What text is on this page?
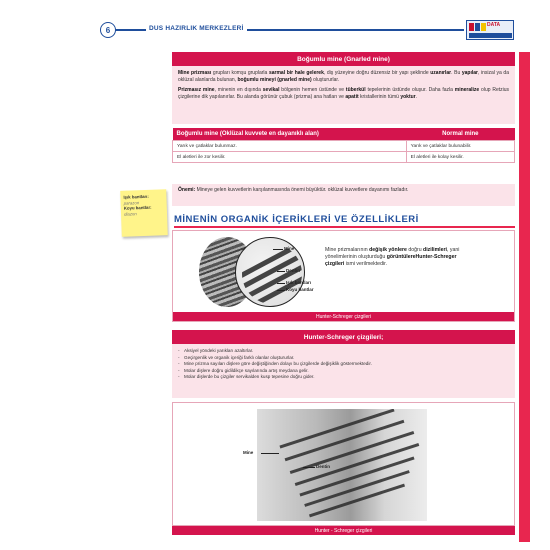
6	DUS HAZIRLIK MERKEZLERİ	DATA
Boğumlu mine (Gnarled mine)

Mine prizması grupları komşu gruplarla sarmal bir hale gelerek, diş yüzeyine doğru düzensiz bir yapı şeklinde uzanırlar. Bu yapılar, insizal ya da oklüzal alanlarda bulunan, boğumlu mineyi (gnarled mine) oluştururlar.

Prizmasız mine, minenin en dışında sevikal bölgenin hemen üstünde ve tüberkül tepelerinin üstünde oluşur. Daha fazla mineralize olup Retzius çizgilerine dik yapılanırlar. Bu alanda görünür çubuk (prizma) ana hatları ve apatit kristallerinin tümü yoktur.

Boğumlu mine (Oklüzal kuvvete en dayanıklı alan)	Normal mine
Yarık ve çatlaklar bulunmaz.	Yarık ve çatlaklar bulunabilir.
El aletleri ile zor kesilir.	El aletleri ile kolay kesilir.
Işık bantları:
parazon
Koyu bantlar:
diazon
Önemi: Mineye gelen kuvvetlerin karşılanmasında önemi büyüktür. oklüzal kuvvetlere dayanımı fazladır.
MİNENİN ORGANİK İÇERİKLERİ VE ÖZELLİKLERİ
Mine
Dentin
Işık bantları
Koyu bantlar
Mine prizmalarının değişik yönlere doğru dizilimleri, yani yönelimlerinin oluşturduğu görüntülereHunter-Schreger çizgileri ismi verilmektedir.
Hunter-Schreger çizgileri
Hunter-Schreger çizgileri;
- Aksiyel yöndeki yarıkları azaltırlar.
- Geçirgenlik ve organik içeriği farklı olanlar oluştururlar.
- Mine prizma sayıları dişlere göre değiştiğinden dolayı bu çizgilerde değişiklik göstermektedir.
- Molar dişlere doğru gidildikçe sayılarında artış meydana gelir.
- Molar dişlerde bu çizgiler servikalden kusp tepesine doğru gider.
Mine
Dentin
Hunter - Schreger çizgileri
